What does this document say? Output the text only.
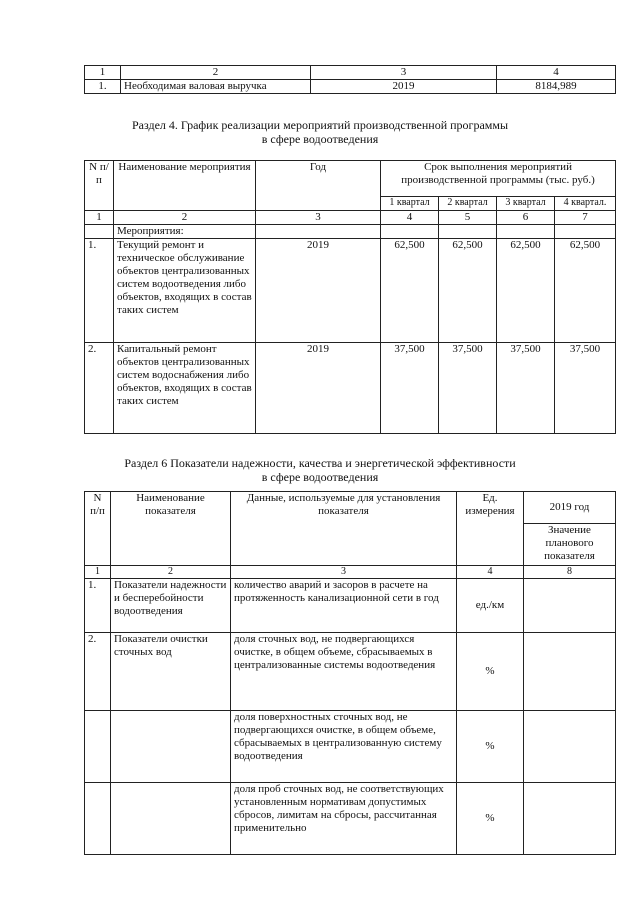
1	2	3	4
1.	Необходимая валовая выручка	2019	8184,989
Раздел 4. График реализации мероприятий производственной программы
в сфере водоотведения
N п/п	Наименование мероприятия	Год	Срок выполнения мероприятий производственной программы (тыс. руб.)			
			1 квартал	2 квартал	3 квартал	4 квартал.
1	2	3	4	5	6	7
	Мероприятия:					
1.	Текущий ремонт и техническое обслуживание объектов централизованных систем водоотведения либо объектов, входящих в состав таких систем	2019	62,500	62,500	62,500	62,500
2.	Капитальный ремонт объектов централизованных систем водоснабжения либо объектов, входящих в состав таких систем	2019	37,500	37,500	37,500	37,500
Раздел 6 Показатели надежности, качества и энергетической эффективности
в сфере водоотведения
N п/п	Наименование показателя	Данные, используемые для установления показателя	Ед. измерения	2019 год
				Значение планового показателя
1	2	3	4	8
1.	Показатели надежности и бесперебойности водоотведения	количество аварий и засоров в расчете на протяженность канализационной сети в год	ед./км	
2.	Показатели очистки сточных вод	доля сточных вод, не подвергающихся очистке, в общем объеме, сбрасываемых в централизованные системы водоотведения	%	
		доля поверхностных сточных вод, не подвергающихся очистке, в общем объеме, сбрасываемых в централизованную систему водоотведения	%	
		доля проб сточных вод, не соответствующих установленным нормативам допустимых сбросов, лимитам на сбросы, рассчитанная применительно	%	
